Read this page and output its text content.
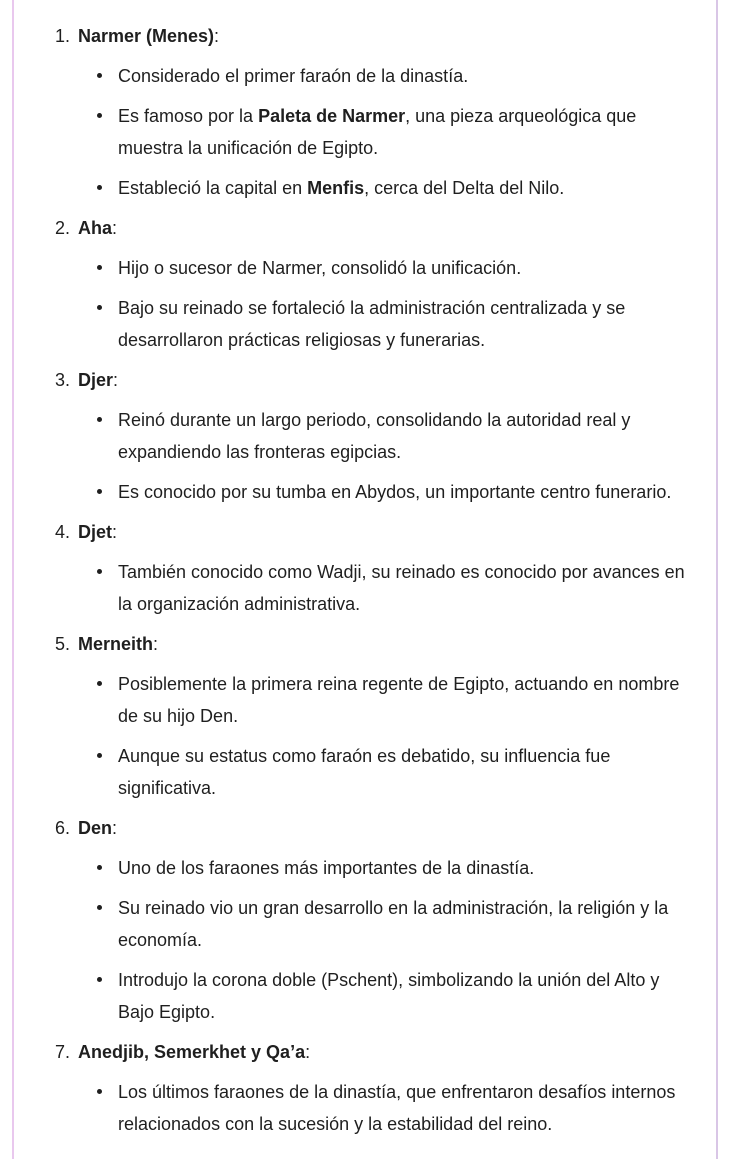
1. Narmer (Menes):
Considerado el primer faraón de la dinastía.
Es famoso por la Paleta de Narmer, una pieza arqueológica que muestra la unificación de Egipto.
Estableció la capital en Menfis, cerca del Delta del Nilo.
2. Aha:
Hijo o sucesor de Narmer, consolidó la unificación.
Bajo su reinado se fortaleció la administración centralizada y se desarrollaron prácticas religiosas y funerarias.
3. Djer:
Reinó durante un largo periodo, consolidando la autoridad real y expandiendo las fronteras egipcias.
Es conocido por su tumba en Abydos, un importante centro funerario.
4. Djet:
También conocido como Wadji, su reinado es conocido por avances en la organización administrativa.
5. Merneith:
Posiblemente la primera reina regente de Egipto, actuando en nombre de su hijo Den.
Aunque su estatus como faraón es debatido, su influencia fue significativa.
6. Den:
Uno de los faraones más importantes de la dinastía.
Su reinado vio un gran desarrollo en la administración, la religión y la economía.
Introdujo la corona doble (Pschent), simbolizando la unión del Alto y Bajo Egipto.
7. Anedjib, Semerkhet y Qa’a:
Los últimos faraones de la dinastía, que enfrentaron desafíos internos relacionados con la sucesión y la estabilidad del reino.
